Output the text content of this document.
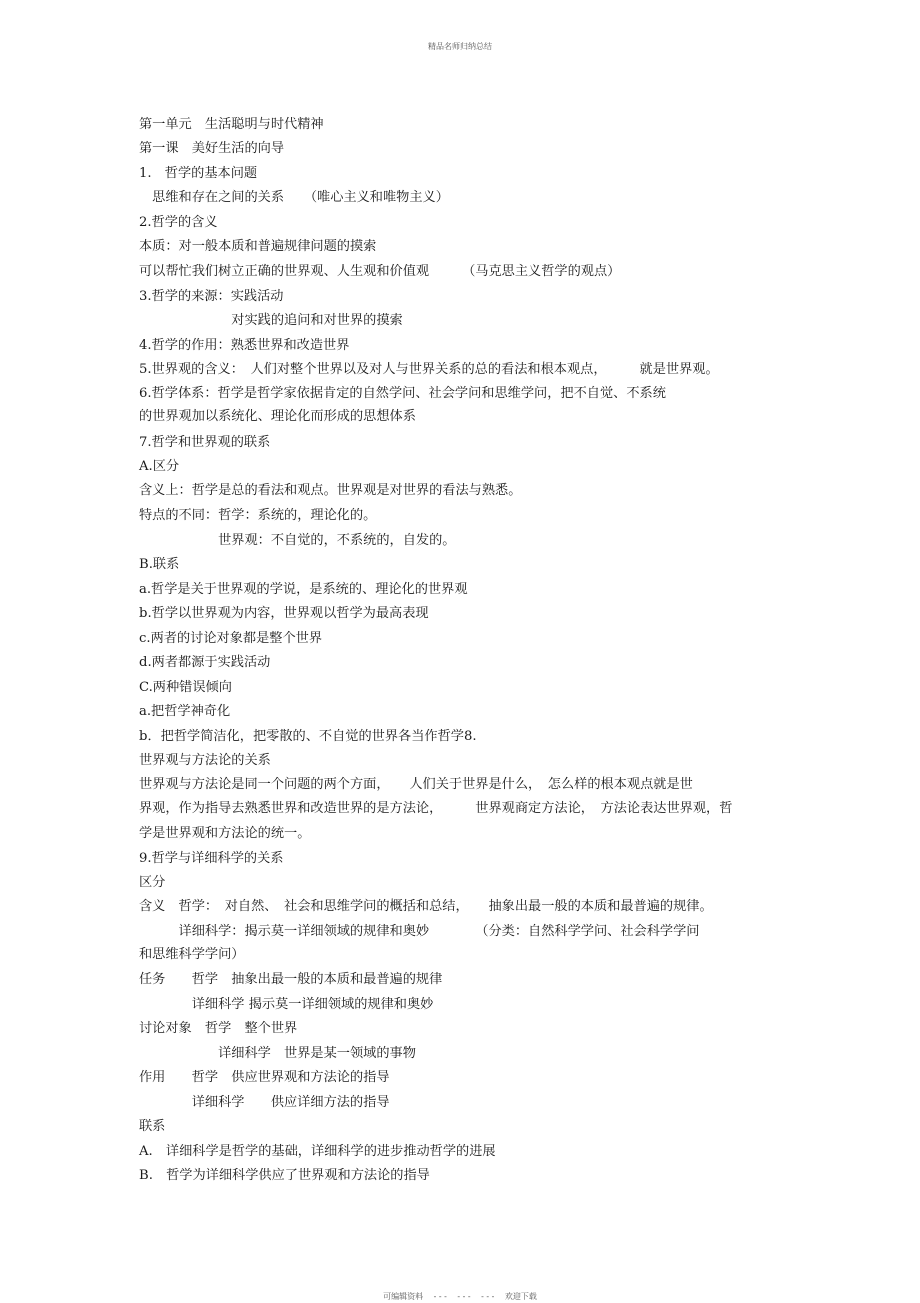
精品名师归纳总结
第一单元　生活聪明与时代精神
第一课　美好生活的向导
1.　哲学的基本问题
　思维和存在之间的关系　　（唯心主义和唯物主义）
2.哲学的含义
本质：对一般本质和普遍规律问题的摸索
可以帮忙我们树立正确的世界观、人生观和价值观　　　（马克思主义哲学的观点）
3.哲学的来源：实践活动
　　　　　　　对实践的追问和对世界的摸索
4.哲学的作用：熟悉世界和改造世界
5.世界观的含义：　人们对整个世界以及对人与世界关系的总的看法和根本观点，　　　就是世界观。
6.哲学体系：哲学是哲学家依据肯定的自然学问、社会学问和思维学问，把不自觉、不系统
的世界观加以系统化、理论化而形成的思想体系
7.哲学和世界观的联系
A.区分
含义上：哲学是总的看法和观点。世界观是对世界的看法与熟悉。
特点的不同：哲学：系统的，理论化的。
　　　　　　世界观：不自觉的，不系统的，自发的。
B.联系
a.哲学是关于世界观的学说，是系统的、理论化的世界观
b.哲学以世界观为内容，世界观以哲学为最高表现
c.两者的讨论对象都是整个世界
d.两者都源于实践活动
C.两种错误倾向
a.把哲学神奇化
b．把哲学简洁化，把零散的、不自觉的世界各当作哲学8.
世界观与方法论的关系
世界观与方法论是同一个问题的两个方面，　　人们关于世界是什么，　怎么样的根本观点就是世
界观，作为指导去熟悉世界和改造世界的是方法论，　　　世界观商定方法论，　方法论表达世界观，哲
学是世界观和方法论的统一。
9.哲学与详细科学的关系
区分
含义　哲学：　对自然、　社会和思维学问的概括和总结，　　抽象出最一般的本质和最普遍的规律。
　　　详细科学：揭示莫一详细领域的规律和奥妙　　　　（分类：自然科学学问、社会科学学问
和思维科学学问）
任务　　哲学　抽象出最一般的本质和最普遍的规律
　　　　详细科学 揭示莫一详细领域的规律和奥妙
讨论对象　哲学　整个世界
　　　　　　详细科学　世界是某一领域的事物
作用　　哲学　供应世界观和方法论的指导
　　　　详细科学　　供应详细方法的指导
联系
A.　详细科学是哲学的基础，详细科学的进步推动哲学的进展
B.　哲学为详细科学供应了世界观和方法论的指导
可编辑资料 　- - - 　- - - 　- - - 　欢迎下载
